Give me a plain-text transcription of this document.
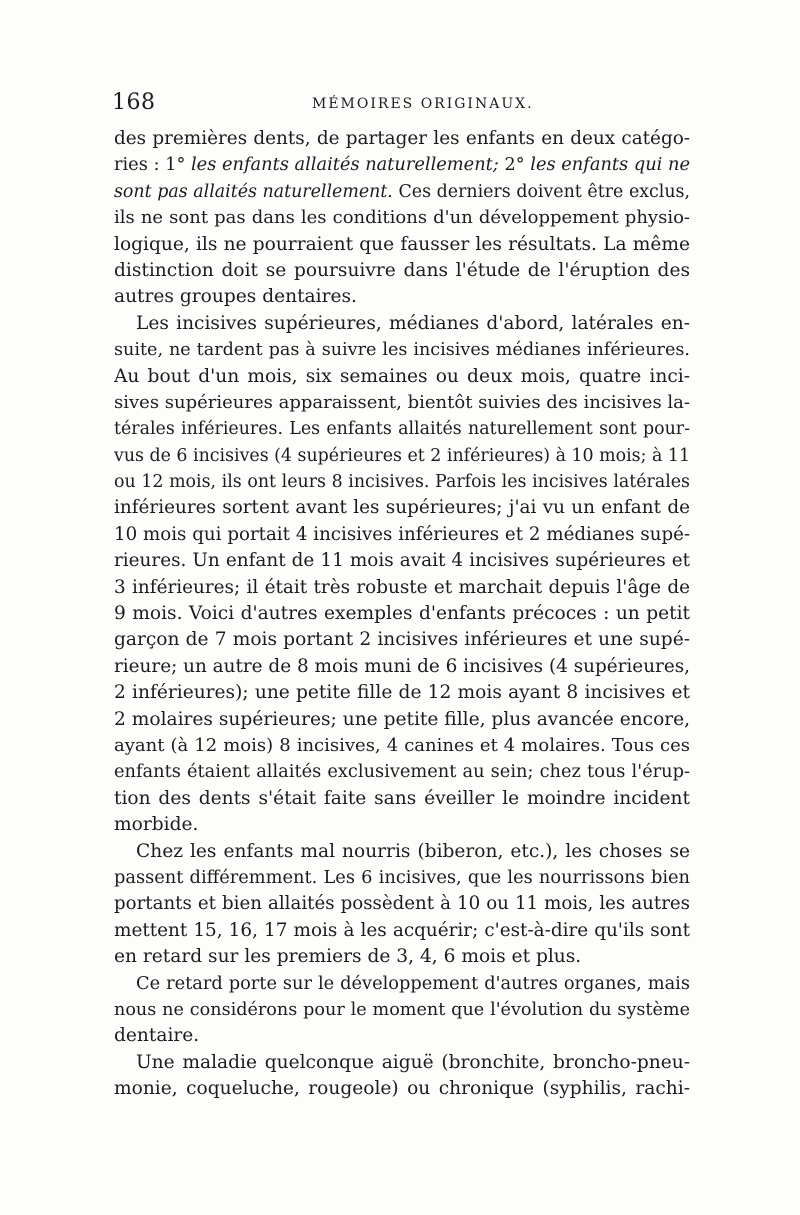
168	MÉMOIRES ORIGINAUX.
des premières dents, de partager les enfants en deux catégo-
ries : 1° les enfants allaités naturellement; 2° les enfants qui ne
sont pas allaités naturellement. Ces derniers doivent être exclus,
ils ne sont pas dans les conditions d'un développement physio-
logique, ils ne pourraient que fausser les résultats. La même
distinction doit se poursuivre dans l'étude de l'éruption des
autres groupes dentaires.
Les incisives supérieures, médianes d'abord, latérales en-
suite, ne tardent pas à suivre les incisives médianes inférieures.
Au bout d'un mois, six semaines ou deux mois, quatre inci-
sives supérieures apparaissent, bientôt suivies des incisives la-
térales inférieures. Les enfants allaités naturellement sont pour-
vus de 6 incisives (4 supérieures et 2 inférieures) à 10 mois; à 11
ou 12 mois, ils ont leurs 8 incisives. Parfois les incisives latérales
inférieures sortent avant les supérieures; j'ai vu un enfant de
10 mois qui portait 4 incisives inférieures et 2 médianes supé-
rieures. Un enfant de 11 mois avait 4 incisives supérieures et
3 inférieures; il était très robuste et marchait depuis l'âge de
9 mois. Voici d'autres exemples d'enfants précoces : un petit
garçon de 7 mois portant 2 incisives inférieures et une supé-
rieure; un autre de 8 mois muni de 6 incisives (4 supérieures,
2 inférieures); une petite fille de 12 mois ayant 8 incisives et
2 molaires supérieures; une petite fille, plus avancée encore,
ayant (à 12 mois) 8 incisives, 4 canines et 4 molaires. Tous ces
enfants étaient allaités exclusivement au sein; chez tous l'érup-
tion des dents s'était faite sans éveiller le moindre incident
morbide.
Chez les enfants mal nourris (biberon, etc.), les choses se
passent différemment. Les 6 incisives, que les nourrissons bien
portants et bien allaités possèdent à 10 ou 11 mois, les autres
mettent 15, 16, 17 mois à les acquérir; c'est-à-dire qu'ils sont
en retard sur les premiers de 3, 4, 6 mois et plus.
Ce retard porte sur le développement d'autres organes, mais
nous ne considérons pour le moment que l'évolution du système
dentaire.
Une maladie quelconque aiguë (bronchite, broncho-pneu-
monie, coqueluche, rougeole) ou chronique (syphilis, rachi-
